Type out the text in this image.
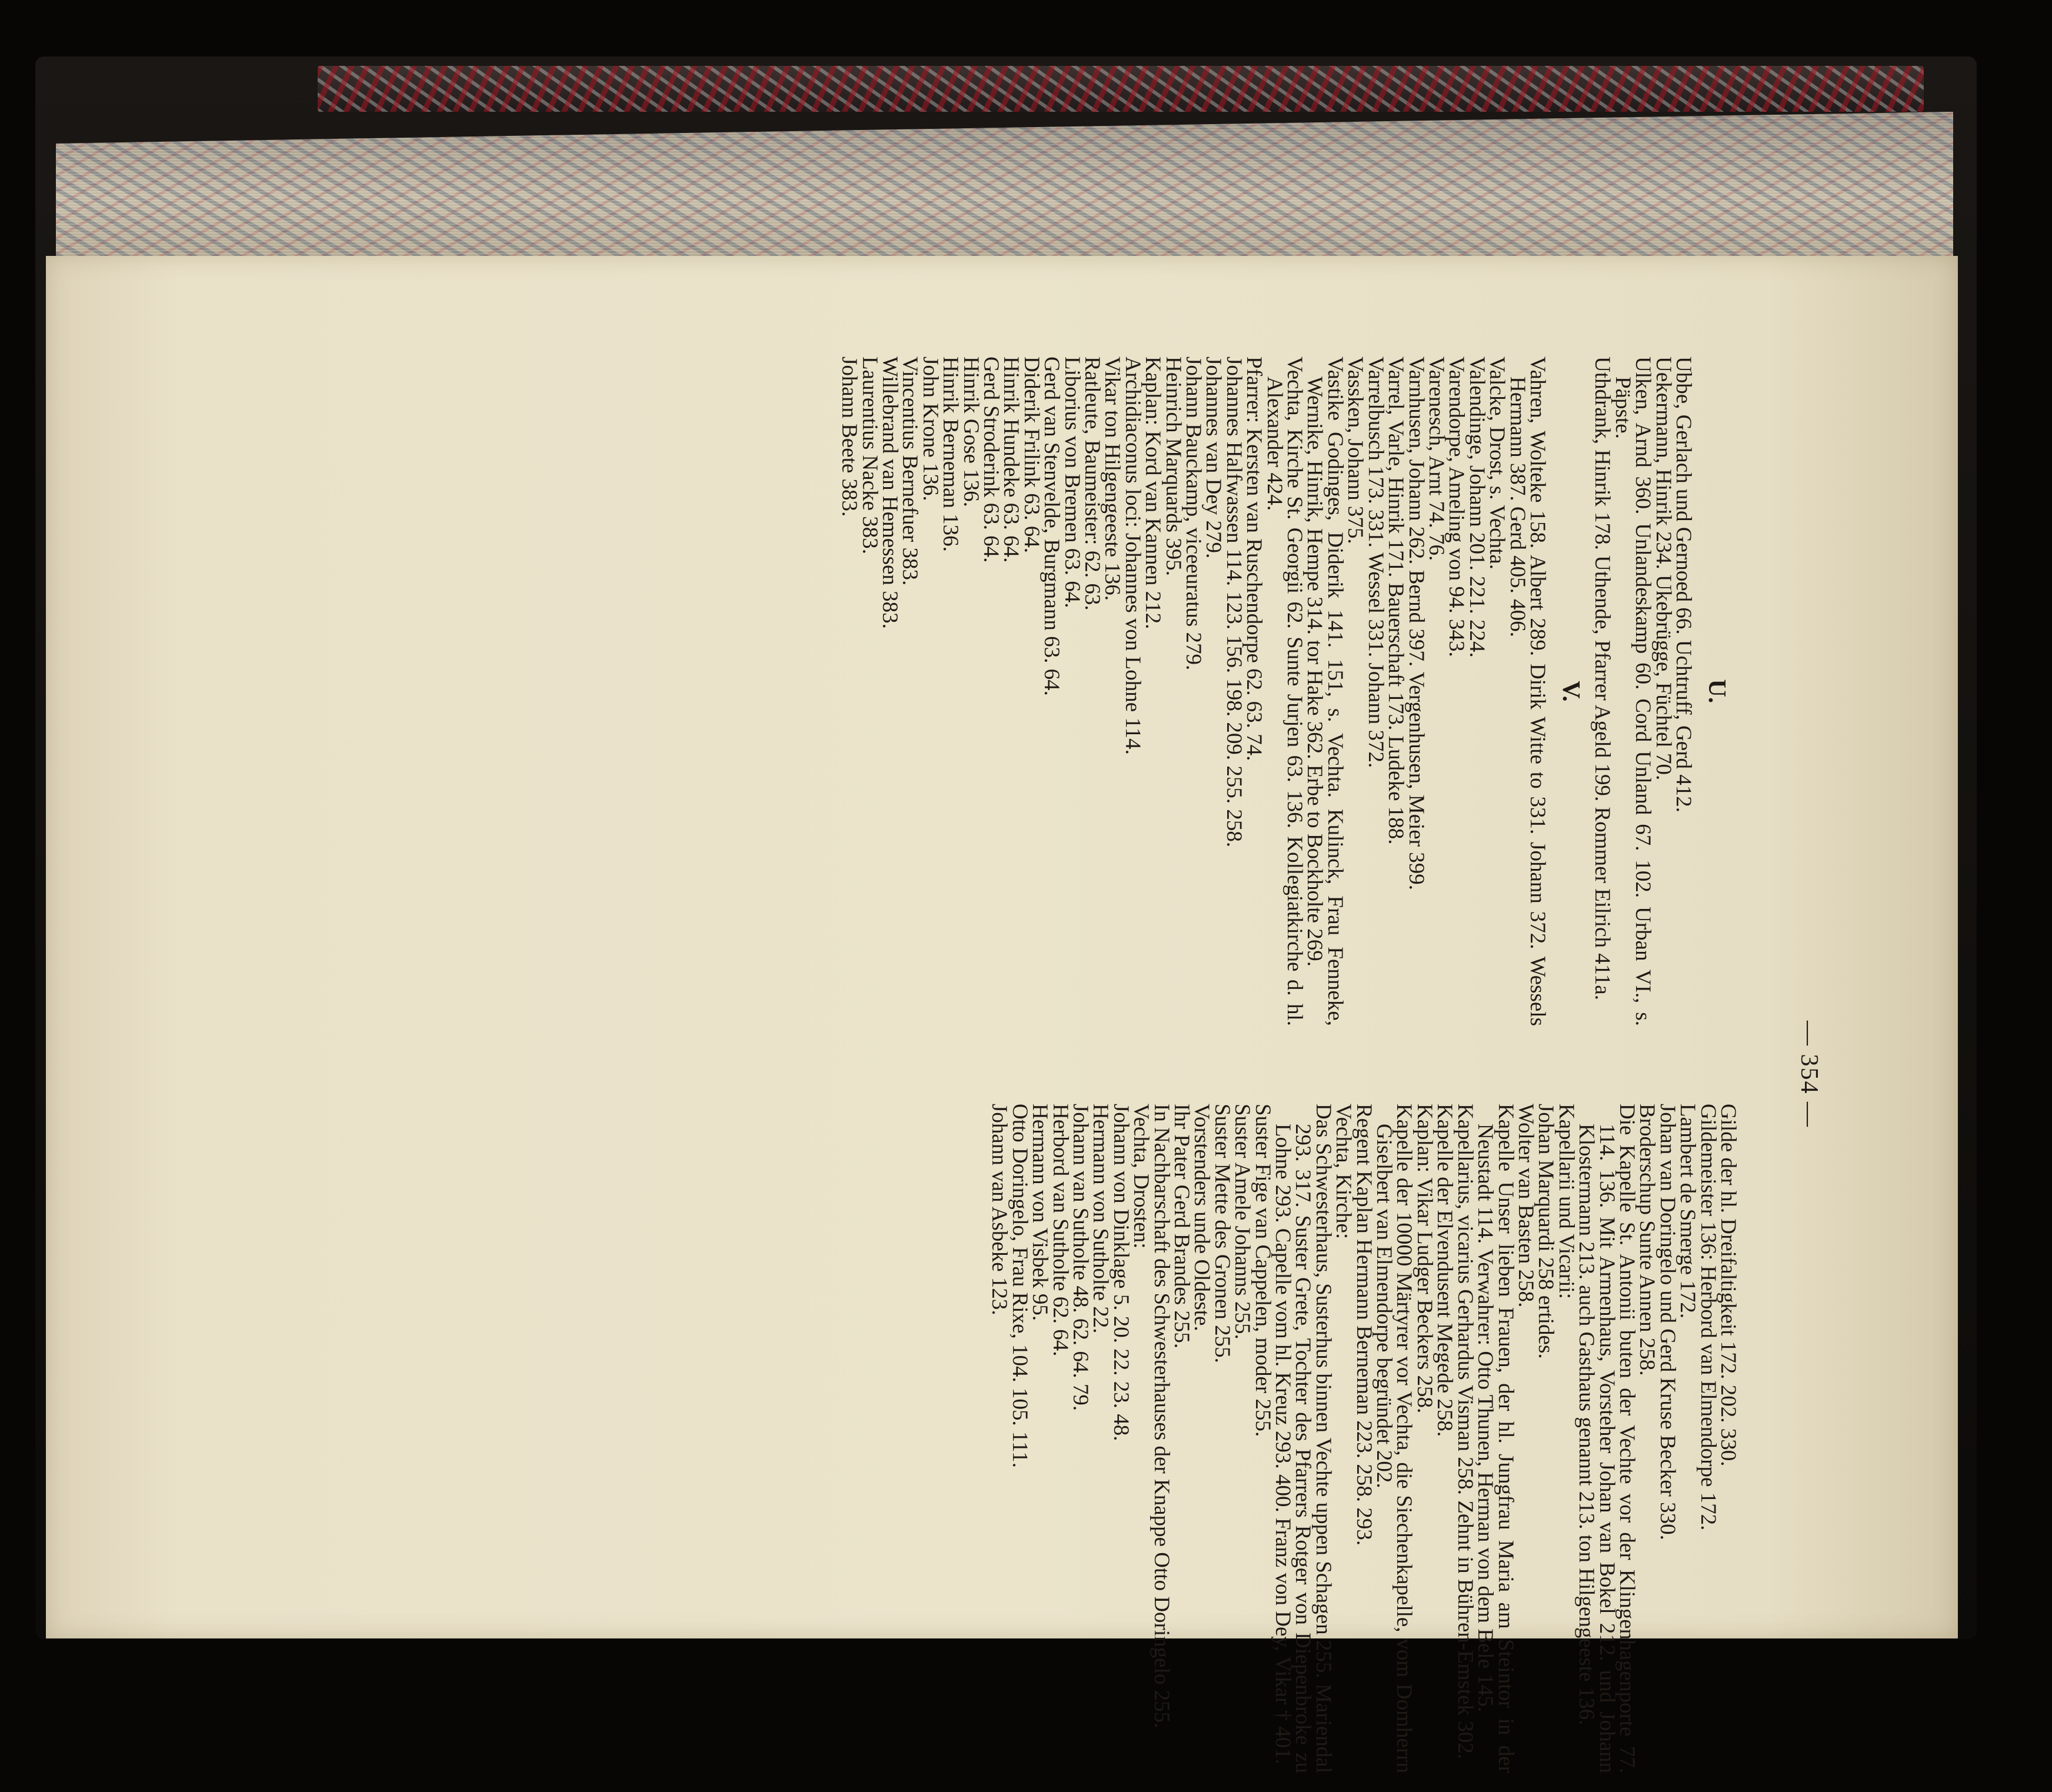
— 354 —
U.
Ubbe, Gerlach und Gernoed 66. Uchtruff, Gerd 412.
Uekermann, Hinrik 234. Ukebrügge, Füchtel 70.
Ulken, Arnd 360. Unlandeskamp 60. Cord Unland 67. 102. Urban VI., s. Päpste.
Uthdrank, Hinrik 178. Uthende, Pfarrer Ageld 199. Rommer Eilrich 411a.
V.
Vahren, Wolteke 158. Albert 289. Dirik Witte to 331. Johann 372. Wessels Hermann 387. Gerd 405. 406.
Valcke, Drost, s. Vechta.
Valendinge, Johann 201. 221. 224.
Varendorpe, Ameling von 94. 343.
Varenesch, Arnt 74. 76.
Varnhusen, Johann 262. Bernd 397. Vergenhusen, Meier 399.
Varrel, Varle, Hinrik 171. Bauerschaft 173. Ludeke 188.
Varrelbusch 173. 331. Wessel 331. Johann 372.
Vassken, Johann 375.
Vastike Godinges, Diderik 141. 151, s. Vechta. Kulinck, Frau Fenneke, Wernike, Hinrik, Hempe 314. tor Hake 362. Erbe to Bockholte 269.
Vechta, Kirche St. Georgii 62. Sunte Jurjen 63. 136. Kollegiatkirche d. hl. Alexander 424.
Pfarrer: Kersten van Ruschendorpe 62. 63. 74.
Johannes Halfwassen 114. 123. 156. 198. 209. 255. 258.
Johannes van Dey 279.
Johann Bauckamp, viceeuratus 279.
Heinrich Marquards 395.
Kaplan: Kord van Kannen 212.
Archidiaconus loci: Johannes von Lohne 114.
Vikar ton Hilgengeeste 136.
Ratleute, Baumeister: 62. 63.
Liborius von Bremen 63. 64.
Gerd van Stenvelde, Burgmann 63. 64.
Diderik Frilink 63. 64.
Hinrik Hundeke 63. 64.
Gerd Stroderink 63. 64.
Hinrik Gose 136.
Hinrik Berneman 136.
John Krone 136.
Vincentius Bernefuer 383.
Willebrand van Hemessen 383.
Laurentius Nacke 383.
Johann Beete 383.
Gilde der hl. Dreifaltigkeit 172. 202. 330.
Gildemeister 136: Herbord van Elmendorpe 172.
Lambert de Smerge 172.
Johan van Doringelo und Gerd Kruse Becker 330.
Broderschup Sunte Annen 258.
Die Kapelle St. Antonii buten der Vechte vor der Klingenhagenporte 77. 114. 136. Mit Armenhaus, Vorsteher Johan van Bokel 212. und Johann Klostermann 213. auch Gasthaus genannt 213. ton Hilgengeeste 136.
Kapellarii und Vicarii:
Johan Marquardi 258 ertides.
Wolter van Basten 258.
Kapelle Unser lieben Frauen, der hl. Jungfrau Maria am Steintor in der Neustadt 114. Verwahrer: Otto Thunen, Herman von dem Bele 145.
Kapellarius, vicarius Gerhardus Visman 258. Zehnt in Bühren-Emstek 302.
Kapelle der Elvendusent Megede 258.
Kaplan: Vikar Ludger Beckers 258.
Kapelle der 10000 Märtyrer vor Vechta, die Siechenkapelle, vom Domherrn Giselbert van Elmendorpe begründet 202.
Regent Kaplan Hermann Berneman 223. 258. 293.
Vechta, Kirche:
Das Schwesterhaus, Susterhus binnen Vechte uppen Schagen 255. Mariendal 293. 317. Suster Grete, Tochter des Pfarrers Rotger von Diepenbroke zu Lohne 293. Capelle vom hl. Kreuz 293. 400. Franz von Dey, Vikar † 401.
Suster Fige van Cappelen, moder 255.
Suster Amele Johanns 255.
Suster Mette des Gronen 255.
Vorstenders unde Oldeste.
Ihr Pater Gerd Brandes 255.
In Nachbarschaft des Schwesterhauses der Knappe Otto Doringelo 255.
Vechta, Drosten:
Johann von Dinklage 5. 20. 22. 23. 48.
Hermann von Sutholte 22.
Johann van Sutholte 48. 62. 64. 79.
Herbord van Sutholte 62. 64.
Hermann von Visbek 95.
Otto Doringelo, Frau Rixe, 104. 105. 111.
Johann van Asbeke 123.
